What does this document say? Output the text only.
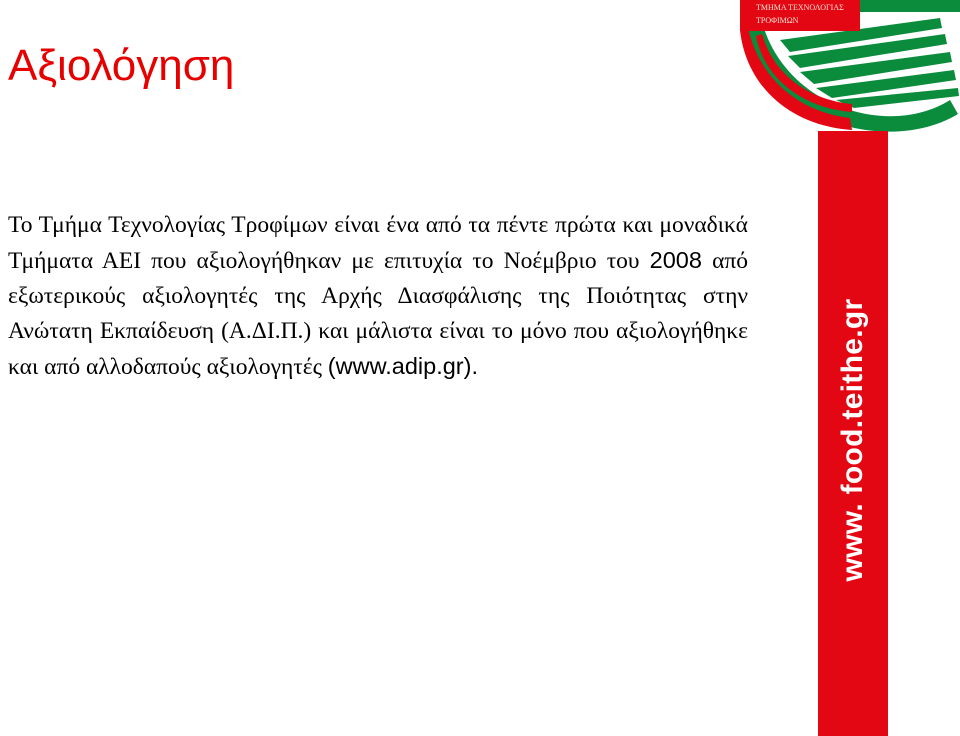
Αξιολόγηση
Το Τμήμα Τεχνολογίας Τροφίμων είναι ένα από τα πέντε πρώτα και μοναδικά Τμήματα ΑΕΙ που αξιολογήθηκαν με επιτυχία το Νοέμβριο του 2008 από εξωτερικούς αξιολογητές της Αρχής Διασφάλισης της Ποιότητας στην Ανώτατη Εκπαίδευση (Α.ΔΙ.Π.) και μάλιστα είναι το μόνο που αξιολογήθηκε και από αλλοδαπούς αξιολογητές (www.adip.gr).
ΤΜΗΜΑ ΤΕΧΝΟΛΟΓΙΑΣ
ΤΡΟΦΙΜΩΝ
www. food.teithe.gr
